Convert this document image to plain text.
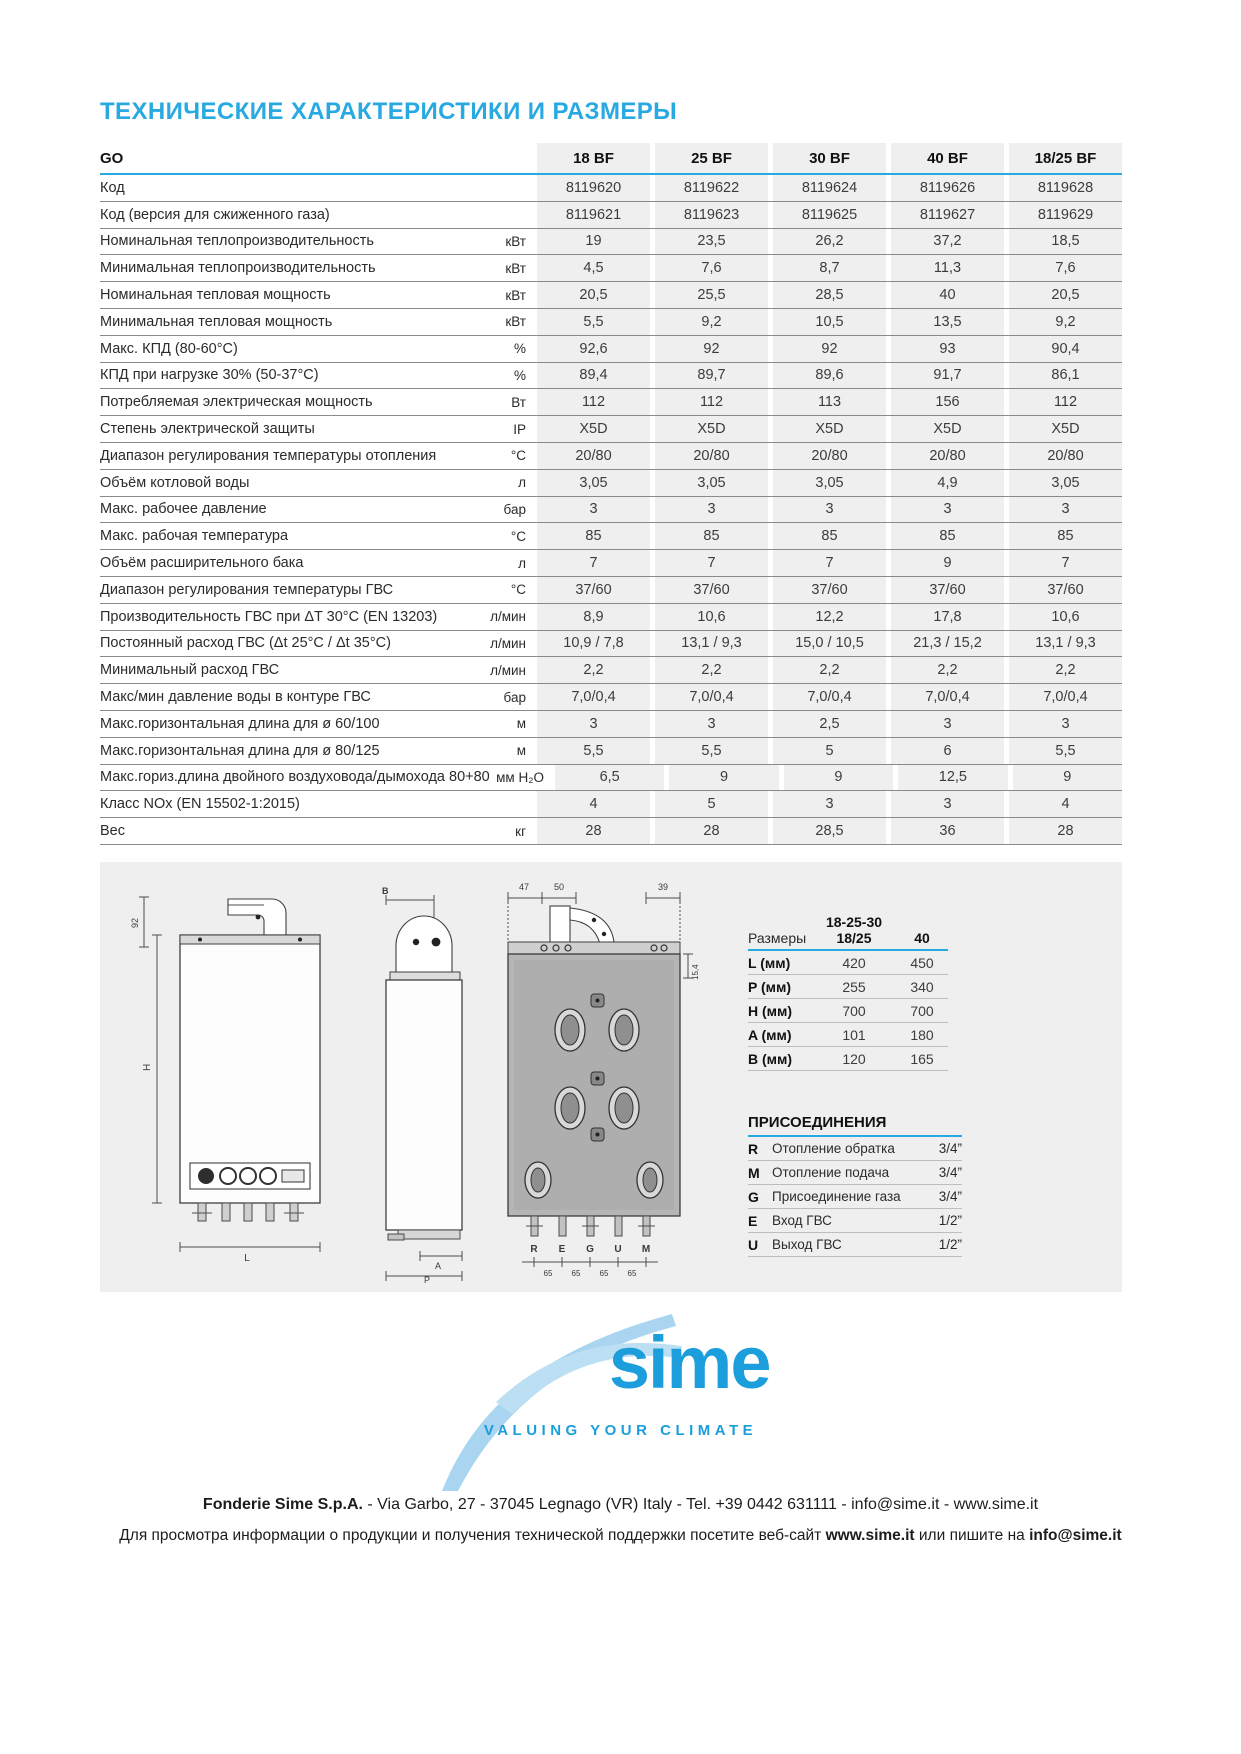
ТЕХНИЧЕСКИЕ ХАРАКТЕРИСТИКИ И РАЗМЕРЫ
GO	18 BF	25 BF	30 BF	40 BF	18/25 BF
Код	8119620	8119622	8119624	8119626	8119628
Код (версия для сжиженного газа)	8119621	8119623	8119625	8119627	8119629
Номинальная теплопроизводительность	кВт	19	23,5	26,2	37,2	18,5
Минимальная теплопроизводительность	кВт	4,5	7,6	8,7	11,3	7,6
Номинальная тепловая мощность	кВт	20,5	25,5	28,5	40	20,5
Минимальная тепловая мощность	кВт	5,5	9,2	10,5	13,5	9,2
Макс. КПД (80-60°C)	%	92,6	92	92	93	90,4
КПД при нагрузке 30% (50-37°C)	%	89,4	89,7	89,6	91,7	86,1
Потребляемая электрическая мощность	Вт	112	112	113	156	112
Степень электрической защиты	IP	X5D	X5D	X5D	X5D	X5D
Диапазон регулирования температуры отопления	°C	20/80	20/80	20/80	20/80	20/80
Объём котловой воды	л	3,05	3,05	3,05	4,9	3,05
Макс. рабочее давление	бар	3	3	3	3	3
Макс. рабочая температура	°C	85	85	85	85	85
Объём расширительного бака	л	7	7	7	9	7
Диапазон регулирования температуры ГВС	°C	37/60	37/60	37/60	37/60	37/60
Производительность ГВС при ΔT 30°C (EN 13203)	л/мин	8,9	10,6	12,2	17,8	10,6
Постоянный расход ГВС (Δt 25°C / Δt 35°C)	л/мин	10,9 / 7,8	13,1 / 9,3	15,0 / 10,5	21,3 / 15,2	13,1 / 9,3
Минимальный расход ГВС	л/мин	2,2	2,2	2,2	2,2	2,2
Макс/мин давление воды в контуре ГВС	бар	7,0/0,4	7,0/0,4	7,0/0,4	7,0/0,4	7,0/0,4
Макс.горизонтальная длина для ø 60/100	м	3	3	2,5	3	3
Макс.горизонтальная длина для ø 80/125	м	5,5	5,5	5	6	5,5
Макс.гориз.длина двойного воздуховода/дымохода 80+80 мм H₂O	6,5	9	9	12,5	9
Класс NOx (EN 15502-1:2015)	4	5	3	3	4
Вес	кг	28	28	28,5	36	28
92
H
L
B
A
P
47	50	39
15,4
R E G U M
65 65 65 65
Размеры
18-25-30
18/25	40
L (мм)	420	450
P (мм)	255	340
H (мм)	700	700
A (мм)	101	180
B (мм)	120	165
ПРИСОЕДИНЕНИЯ
R	Отопление обратка	3/4”
M Отопление подача	3/4”
G Присоединение газа	3/4”
E	Вход ГВС	1/2”
U	Выход ГВС	1/2”
sime
VALUING YOUR CLIMATE
Fonderie Sime S.p.A. - Via Garbo, 27 - 37045 Legnago (VR) Italy - Tel. +39 0442 631111 - info@sime.it - www.sime.it
Для просмотра информации о продукции и получения технической поддержки посетите веб-сайт www.sime.it или пишите на info@sime.it
